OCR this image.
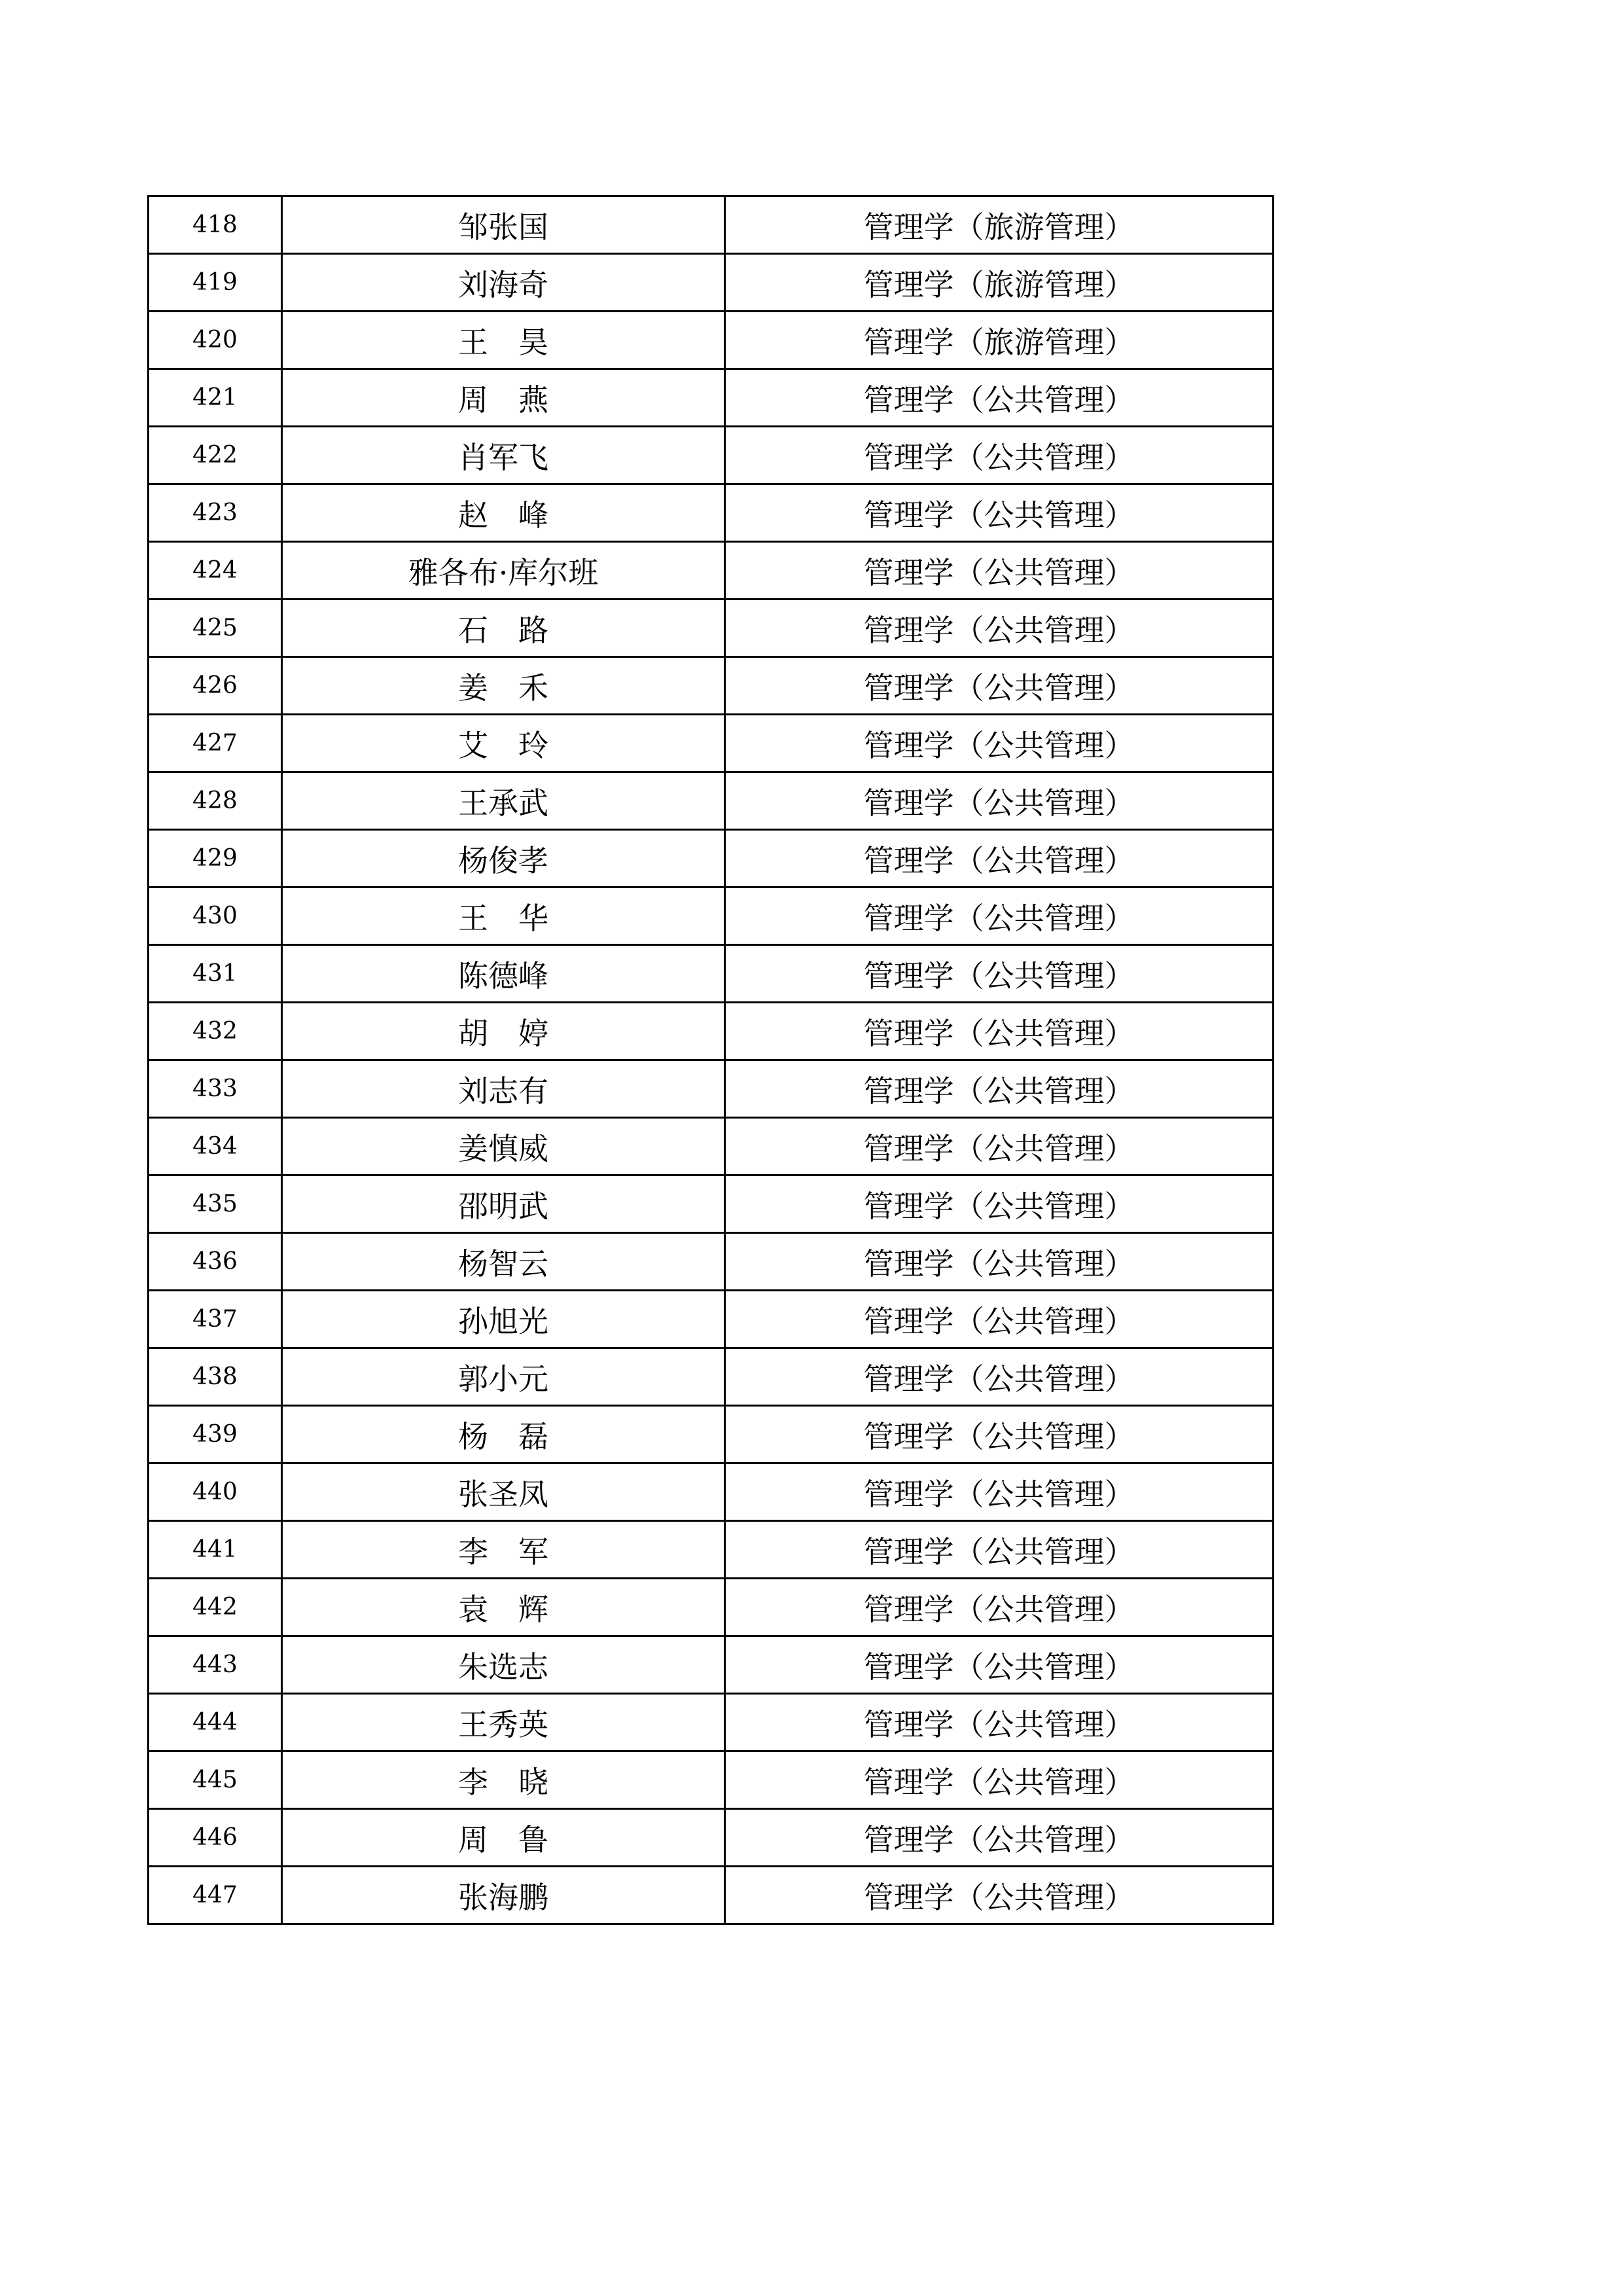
418	邹张国	管理学（旅游管理）
419	刘海奇	管理学（旅游管理）
420	王　昊	管理学（旅游管理）
421	周　燕	管理学（公共管理）
422	肖军飞	管理学（公共管理）
423	赵　峰	管理学（公共管理）
424	雅各布·库尔班	管理学（公共管理）
425	石　路	管理学（公共管理）
426	姜　禾	管理学（公共管理）
427	艾　玲	管理学（公共管理）
428	王承武	管理学（公共管理）
429	杨俊孝	管理学（公共管理）
430	王　华	管理学（公共管理）
431	陈德峰	管理学（公共管理）
432	胡　婷	管理学（公共管理）
433	刘志有	管理学（公共管理）
434	姜慎威	管理学（公共管理）
435	邵明武	管理学（公共管理）
436	杨智云	管理学（公共管理）
437	孙旭光	管理学（公共管理）
438	郭小元	管理学（公共管理）
439	杨　磊	管理学（公共管理）
440	张圣凤	管理学（公共管理）
441	李　军	管理学（公共管理）
442	袁　辉	管理学（公共管理）
443	朱选志	管理学（公共管理）
444	王秀英	管理学（公共管理）
445	李　晓	管理学（公共管理）
446	周　鲁	管理学（公共管理）
447	张海鹏	管理学（公共管理）
